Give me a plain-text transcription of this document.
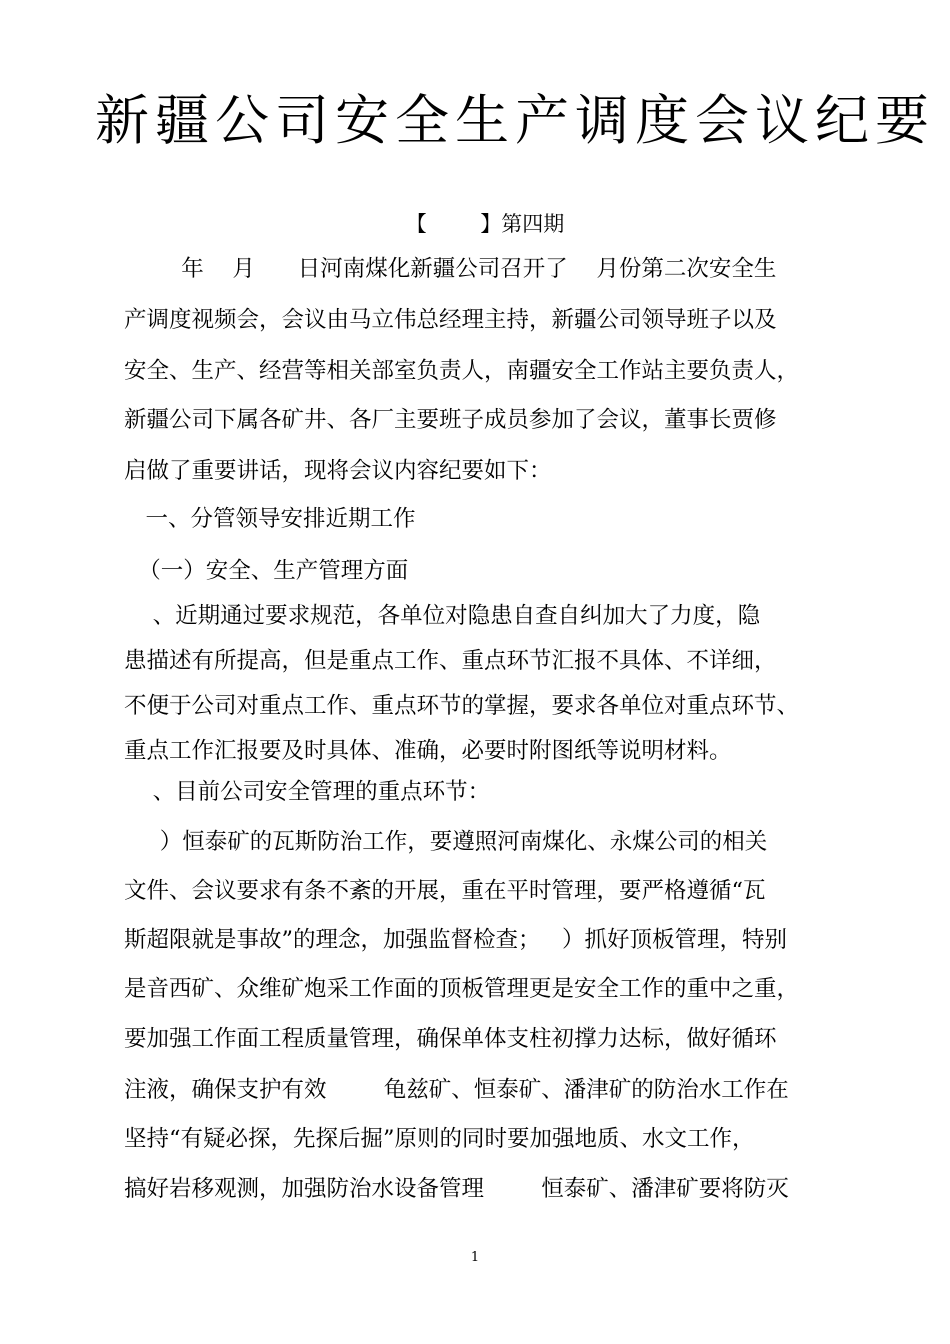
新疆公司安全生产调度会议纪要
【        】第四期
年    月      日河南煤化新疆公司召开了    月份第二次安全生
产调度视频会，会议由马立伟总经理主持，新疆公司领导班子以及
安全、生产、经营等相关部室负责人，南疆安全工作站主要负责人，
新疆公司下属各矿井、各厂主要班子成员参加了会议，董事长贾修
启做了重要讲话，现将会议内容纪要如下：
一、分管领导安排近期工作
（一）安全、生产管理方面
、近期通过要求规范，各单位对隐患自查自纠加大了力度，隐
患描述有所提高，但是重点工作、重点环节汇报不具体、不详细，
不便于公司对重点工作、重点环节的掌握，要求各单位对重点环节、
重点工作汇报要及时具体、准确，必要时附图纸等说明材料。
、目前公司安全管理的重点环节：
）恒泰矿的瓦斯防治工作，要遵照河南煤化、永煤公司的相关
文件、会议要求有条不紊的开展，重在平时管理，要严格遵循“瓦
斯超限就是事故”的理念，加强监督检查；   ）抓好顶板管理，特别
是音西矿、众维矿炮采工作面的顶板管理更是安全工作的重中之重，
要加强工作面工程质量管理，确保单体支柱初撑力达标，做好循环
注液，确保支护有效        龟兹矿、恒泰矿、潘津矿的防治水工作在
坚持“有疑必探，先探后掘”原则的同时要加强地质、水文工作，
搞好岩移观测，加强防治水设备管理        恒泰矿、潘津矿要将防灭
1
